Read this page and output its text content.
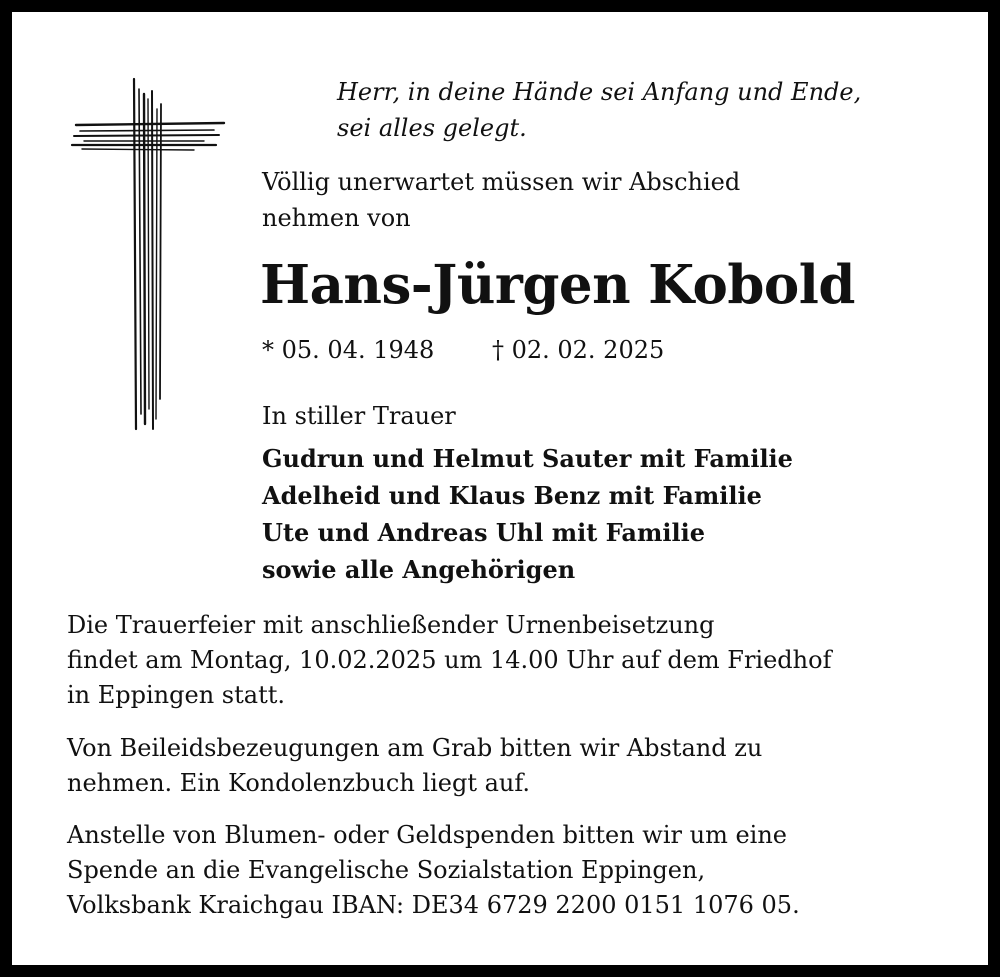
Herr, in deine Hände sei Anfang und Ende,
sei alles gelegt.

Völlig unerwartet müssen wir Abschied
nehmen von

Hans-Jürgen Kobold
* 05. 04. 1948 † 02. 02. 2025
In stiller Trauer
Gudrun und Helmut Sauter mit Familie
Adelheid und Klaus Benz mit Familie
Ute und Andreas Uhl mit Familie
sowie alle Angehörigen

Die Trauerfeier mit anschließender Urnenbeisetzung
findet am Montag, 10.02.2025 um 14.00 Uhr auf dem Friedhof
in Eppingen statt.

Von Beileidsbezeugungen am Grab bitten wir Abstand zu
nehmen. Ein Kondolenzbuch liegt auf.

Anstelle von Blumen- oder Geldspenden bitten wir um eine
Spende an die Evangelische Sozialstation Eppingen,
Volksbank Kraichgau IBAN: DE34 6729 2200 0151 1076 05.
